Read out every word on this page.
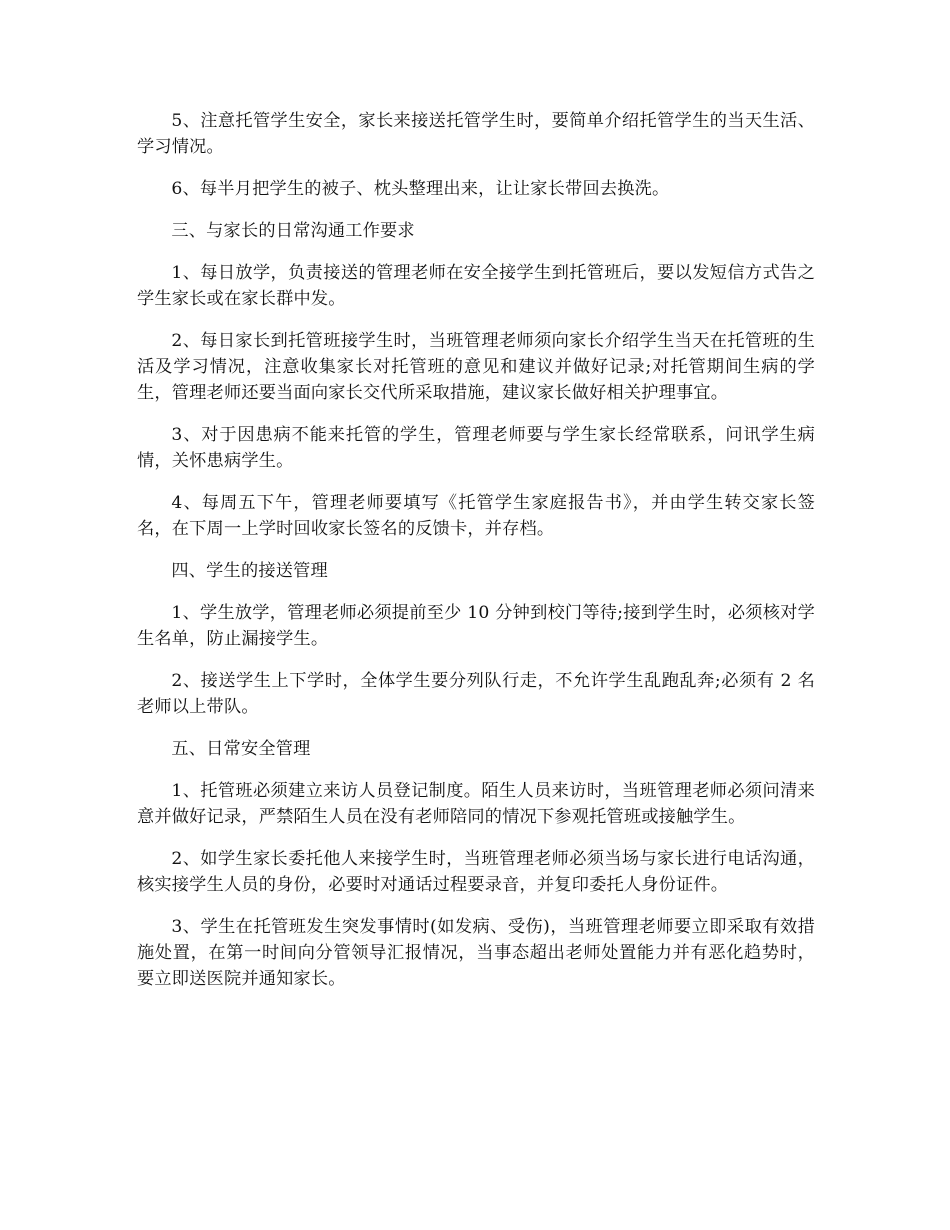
5、注意托管学生安全，家长来接送托管学生时，要简单介绍托管学生的当天生活、学习情况。

6、每半月把学生的被子、枕头整理出来，让让家长带回去换洗。

三、与家长的日常沟通工作要求

1、每日放学，负责接送的管理老师在安全接学生到托管班后，要以发短信方式告之学生家长或在家长群中发。

2、每日家长到托管班接学生时，当班管理老师须向家长介绍学生当天在托管班的生活及学习情况，注意收集家长对托管班的意见和建议并做好记录;对托管期间生病的学生，管理老师还要当面向家长交代所采取措施，建议家长做好相关护理事宜。

3、对于因患病不能来托管的学生，管理老师要与学生家长经常联系，问讯学生病情，关怀患病学生。

4、每周五下午，管理老师要填写《托管学生家庭报告书》，并由学生转交家长签名，在下周一上学时回收家长签名的反馈卡，并存档。

四、学生的接送管理

1、学生放学，管理老师必须提前至少 10 分钟到校门等待;接到学生时，必须核对学生名单，防止漏接学生。

2、接送学生上下学时，全体学生要分列队行走，不允许学生乱跑乱奔;必须有 2 名老师以上带队。

五、日常安全管理

1、托管班必须建立来访人员登记制度。陌生人员来访时，当班管理老师必须问清来意并做好记录，严禁陌生人员在没有老师陪同的情况下参观托管班或接触学生。

2、如学生家长委托他人来接学生时，当班管理老师必须当场与家长进行电话沟通，核实接学生人员的身份，必要时对通话过程要录音，并复印委托人身份证件。

3、学生在托管班发生突发事情时(如发病、受伤)，当班管理老师要立即采取有效措施处置，在第一时间向分管领导汇报情况，当事态超出老师处置能力并有恶化趋势时，要立即送医院并通知家长。
